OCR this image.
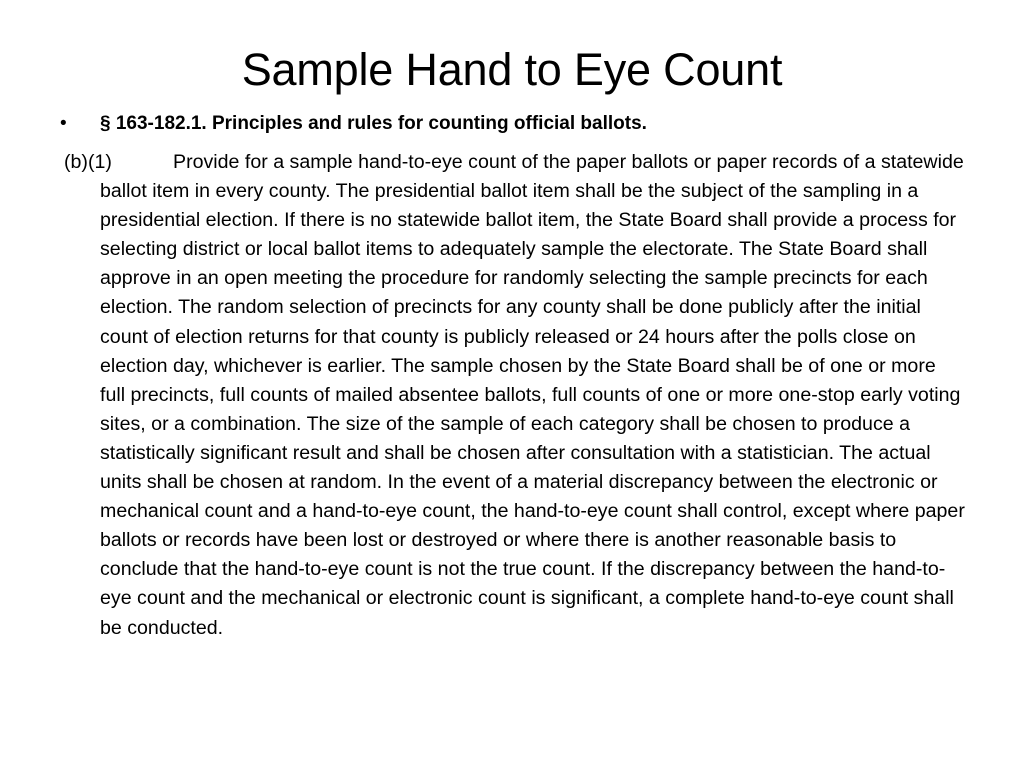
Sample Hand to Eye Count
• § 163-182.1. Principles and rules for counting official ballots.

(b)(1)	Provide for a sample hand-to-eye count of the paper ballots or paper records of a statewide ballot item in every county. The presidential ballot item shall be the subject of the sampling in a presidential election. If there is no statewide ballot item, the State Board shall provide a process for selecting district or local ballot items to adequately sample the electorate. The State Board shall approve in an open meeting the procedure for randomly selecting the sample precincts for each election. The random selection of precincts for any county shall be done publicly after the initial count of election returns for that county is publicly released or 24 hours after the polls close on election day, whichever is earlier. The sample chosen by the State Board shall be of one or more full precincts, full counts of mailed absentee ballots, full counts of one or more one-stop early voting sites, or a combination. The size of the sample of each category shall be chosen to produce a statistically significant result and shall be chosen after consultation with a statistician. The actual units shall be chosen at random. In the event of a material discrepancy between the electronic or mechanical count and a hand-to-eye count, the hand-to-eye count shall control, except where paper ballots or records have been lost or destroyed or where there is another reasonable basis to conclude that the hand-to-eye count is not the true count. If the discrepancy between the hand-to-eye count and the mechanical or electronic count is significant, a complete hand-to-eye count shall be conducted.
